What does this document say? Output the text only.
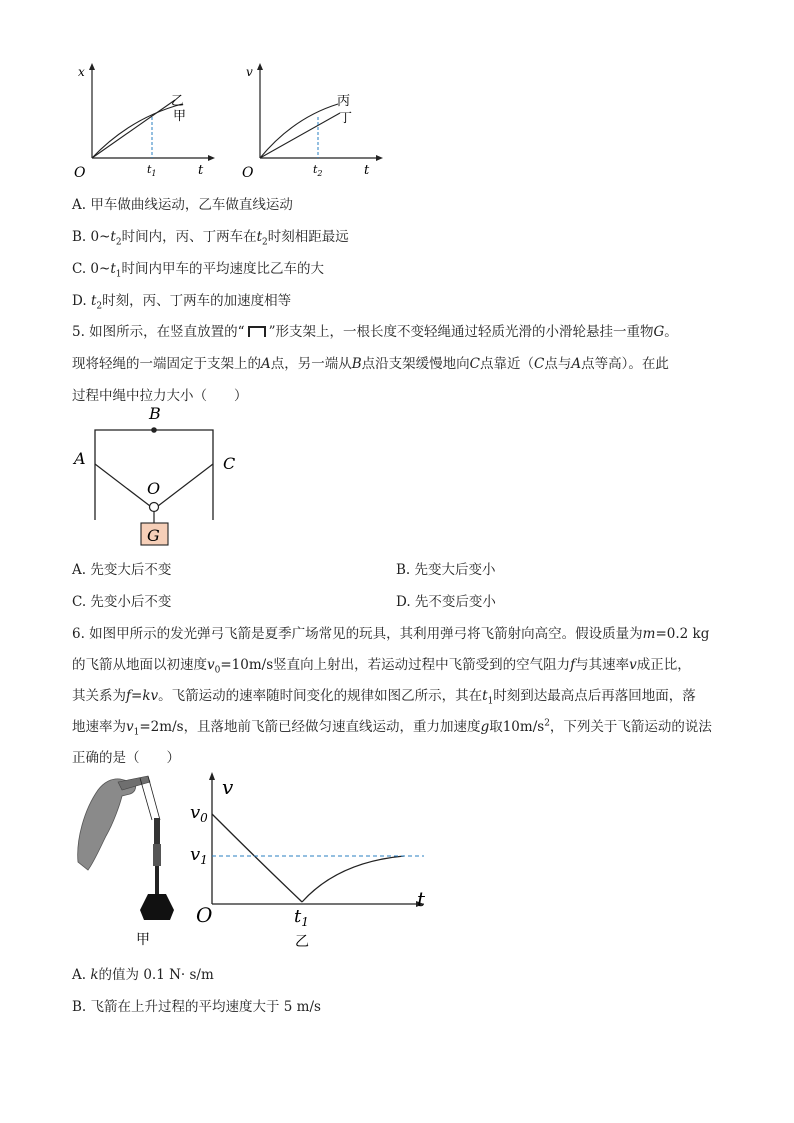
x
t
O
乙
甲
$t_1$
v
t
O
丙
丁
$t_2$
A. 甲车做曲线运动，乙车做直线运动
B. $0\sim t_2$时间内，丙、丁两车在$t_2$时刻相距最远
C. $0\sim t_1$时间内甲车的平均速度比乙车的大
D. $t_2$时刻，丙、丁两车的加速度相等
5. 如图所示，在竖直放置的“ ”形支架上，一根长度不变轻绳通过轻质光滑的小滑轮悬挂一重物G。
现将轻绳的一端固定于支架上的A点，另一端从B点沿支架缓慢地向C点靠近（C点与A点等高）。在此
过程中绳中拉力大小（　　）
B
A	C
O
G
A. 先变大后不变	B. 先变大后变小
C. 先变小后不变	D. 先不变后变小
6. 如图甲所示的发光弹弓飞箭是夏季广场常见的玩具，其利用弹弓将飞箭射向高空。假设质量为m=0.2 kg
的飞箭从地面以初速度$v_0=10m/s$竖直向上射出，若运动过程中飞箭受到的空气阻力f与其速率v成正比，
其关系为f=kv。飞箭运动的速率随时间变化的规律如图乙所示，其在$t_1$时刻到达最高点后再落回地面，落
地速率为$v_1=2m/s$，且落地前飞箭已经做匀速直线运动，重力加速度g取$10m/s^2$，下列关于飞箭运动的说法
正确的是（　　）
甲
v
$v_0$
$v_1$
t
O	$t_1$
乙
A. k的值为 0.1 N· s/m
B. 飞箭在上升过程的平均速度大于 5 m/s
